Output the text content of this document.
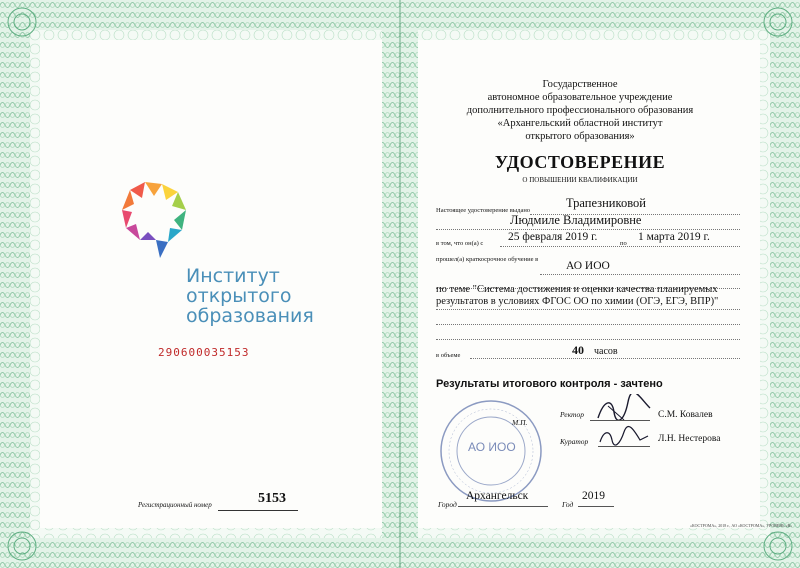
Институт открытого образования
290600035153
Регистрационный номер	5153
Государственное
автономное образовательное учреждение
дополнительного профессионального образования
«Архангельский областной институт
открытого образования»
УДОСТОВЕРЕНИЕ
О ПОВЫШЕНИИ КВАЛИФИКАЦИИ
Настоящее удостоверение выдано
Трапезниковой
Людмиле Владимировне
в том, что он(а) с
25 февраля 2019 г.
по
1 марта 2019 г.
прошел(а) краткосрочное обучение в
АО ИОО
по теме "Система достижения и оценки качества планируемых
результатов в условиях ФГОС ОО по химии (ОГЭ, ЕГЭ, ВПР)"
в объеме	40 часов
Результаты итогового контроля - зачтено
АО ИОО
М.П.
Ректор	С.М. Ковалев
Куратор	Л.Н. Нестерова
Город
Архангельск
Год
2019
«КОСТРОМА», 2018 г., АО «КОСТРОМА», УРОВЕНЬ «В»
